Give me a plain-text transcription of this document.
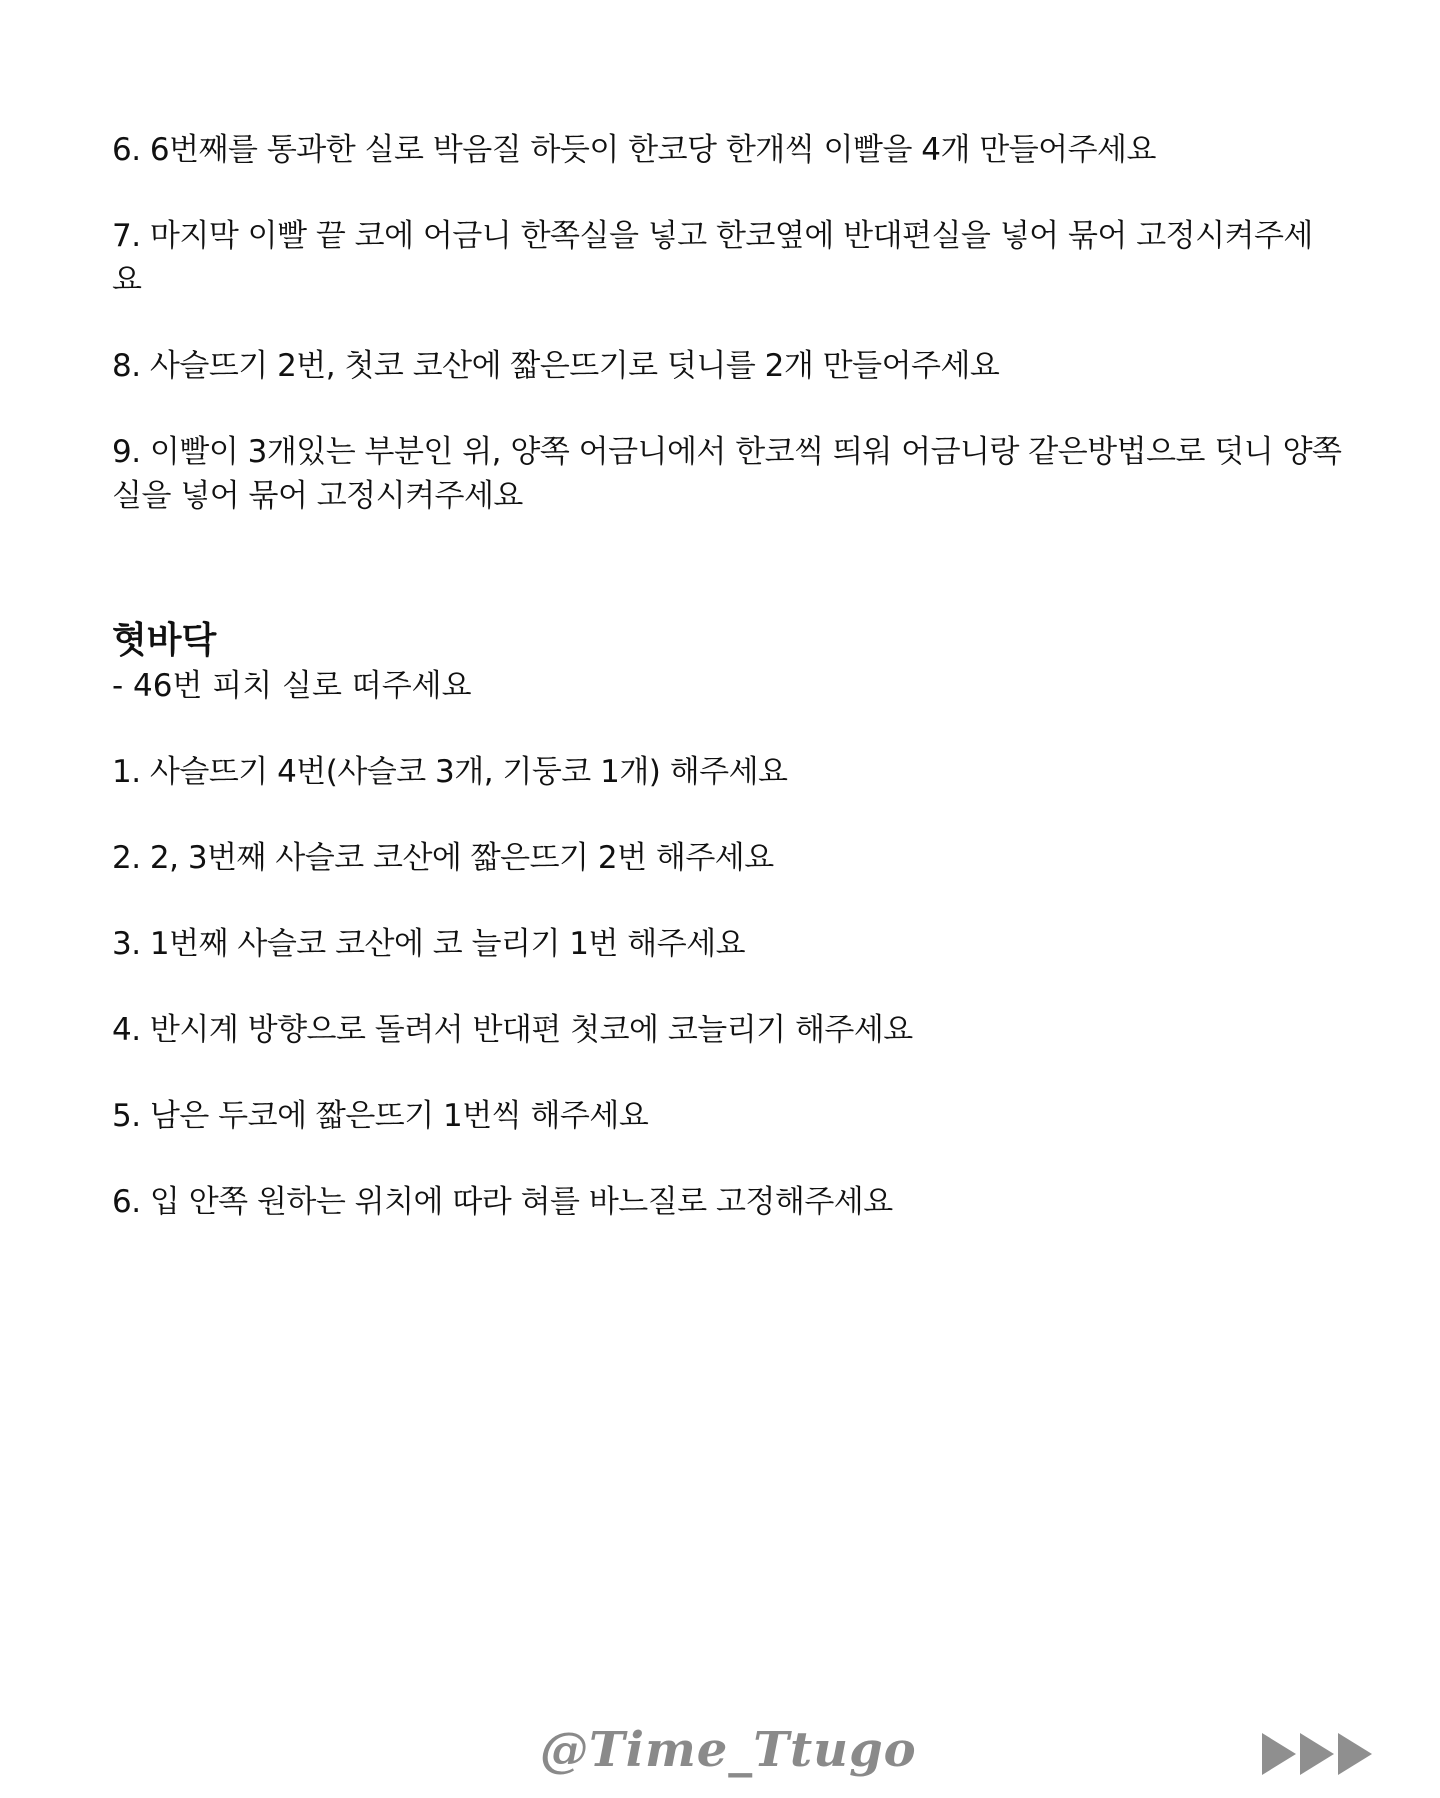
6. 6번째를 통과한 실로 박음질 하듯이 한코당 한개씩 이빨을 4개 만들어주세요

7. 마지막 이빨 끝 코에 어금니 한쪽실을 넣고 한코옆에 반대편실을 넣어 묶어 고정시켜주세요

8. 사슬뜨기 2번, 첫코 코산에 짧은뜨기로 덧니를 2개 만들어주세요

9. 이빨이 3개있는 부분인 위, 양쪽 어금니에서 한코씩 띄워 어금니랑 같은방법으로 덧니 양쪽실을 넣어 묶어 고정시켜주세요

혓바닥

- 46번 피치 실로 떠주세요

1. 사슬뜨기 4번(사슬코 3개, 기둥코 1개) 해주세요

2. 2, 3번째 사슬코 코산에 짧은뜨기 2번 해주세요

3. 1번째 사슬코 코산에 코 늘리기 1번 해주세요

4. 반시계 방향으로 돌려서 반대편 첫코에 코늘리기 해주세요

5. 남은 두코에 짧은뜨기 1번씩 해주세요

6. 입 안쪽 원하는 위치에 따라 혀를 바느질로 고정해주세요

@Time_Ttugo
